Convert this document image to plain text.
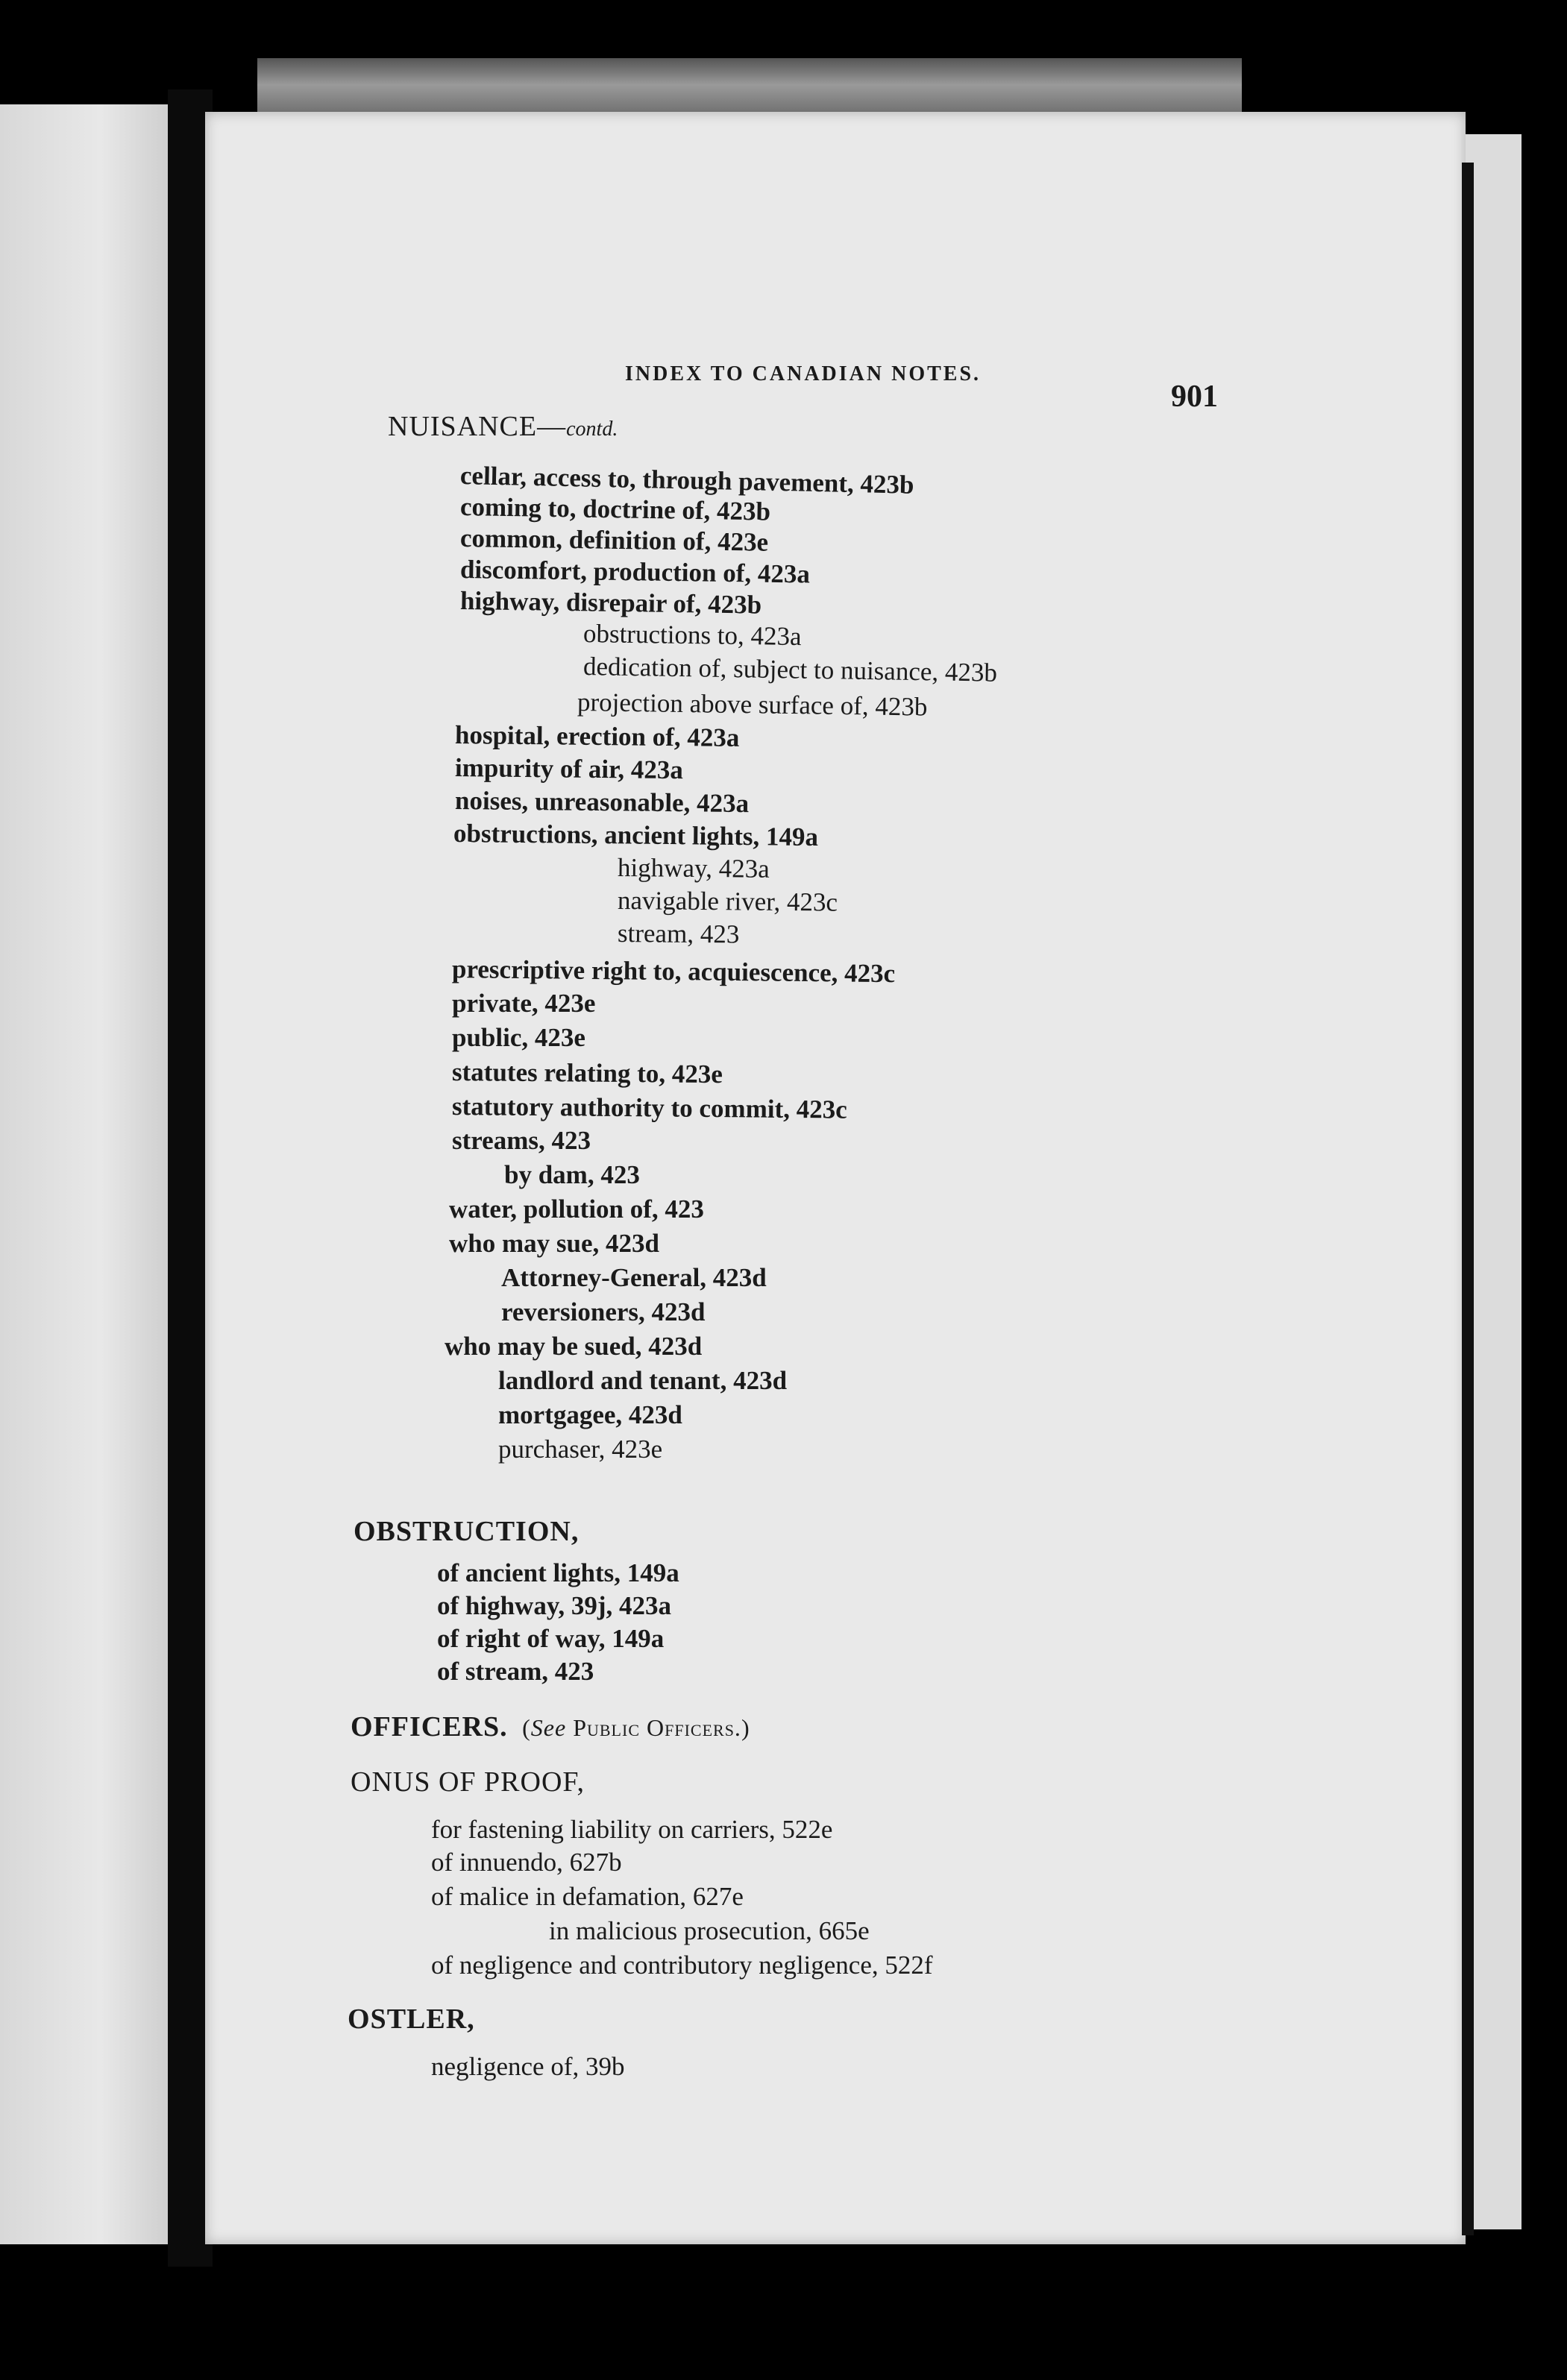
INDEX TO CANADIAN NOTES.
901
NUISANCE—contd.
cellar, access to, through pavement, 423b
coming to, doctrine of, 423b
common, definition of, 423e
discomfort, production of, 423a
highway, disrepair of, 423b
obstructions to, 423a
dedication of, subject to nuisance, 423b
projection above surface of, 423b
hospital, erection of, 423a
impurity of air, 423a
noises, unreasonable, 423a
obstructions, ancient lights, 149a
highway, 423a
navigable river, 423c
stream, 423
prescriptive right to, acquiescence, 423c
private, 423e
public, 423e
statutes relating to, 423e
statutory authority to commit, 423c
streams, 423
by dam, 423
water, pollution of, 423
who may sue, 423d
Attorney-General, 423d
reversioners, 423d
who may be sued, 423d
landlord and tenant, 423d
mortgagee, 423d
purchaser, 423e
OBSTRUCTION,
of ancient lights, 149a
of highway, 39j, 423a
of right of way, 149a
of stream, 423
OFFICERS.  (See Public Officers.)
ONUS OF PROOF,
for fastening liability on carriers, 522e
of innuendo, 627b
of malice in defamation, 627e
in malicious prosecution, 665e
of negligence and contributory negligence, 522f
OSTLER,
negligence of, 39b
